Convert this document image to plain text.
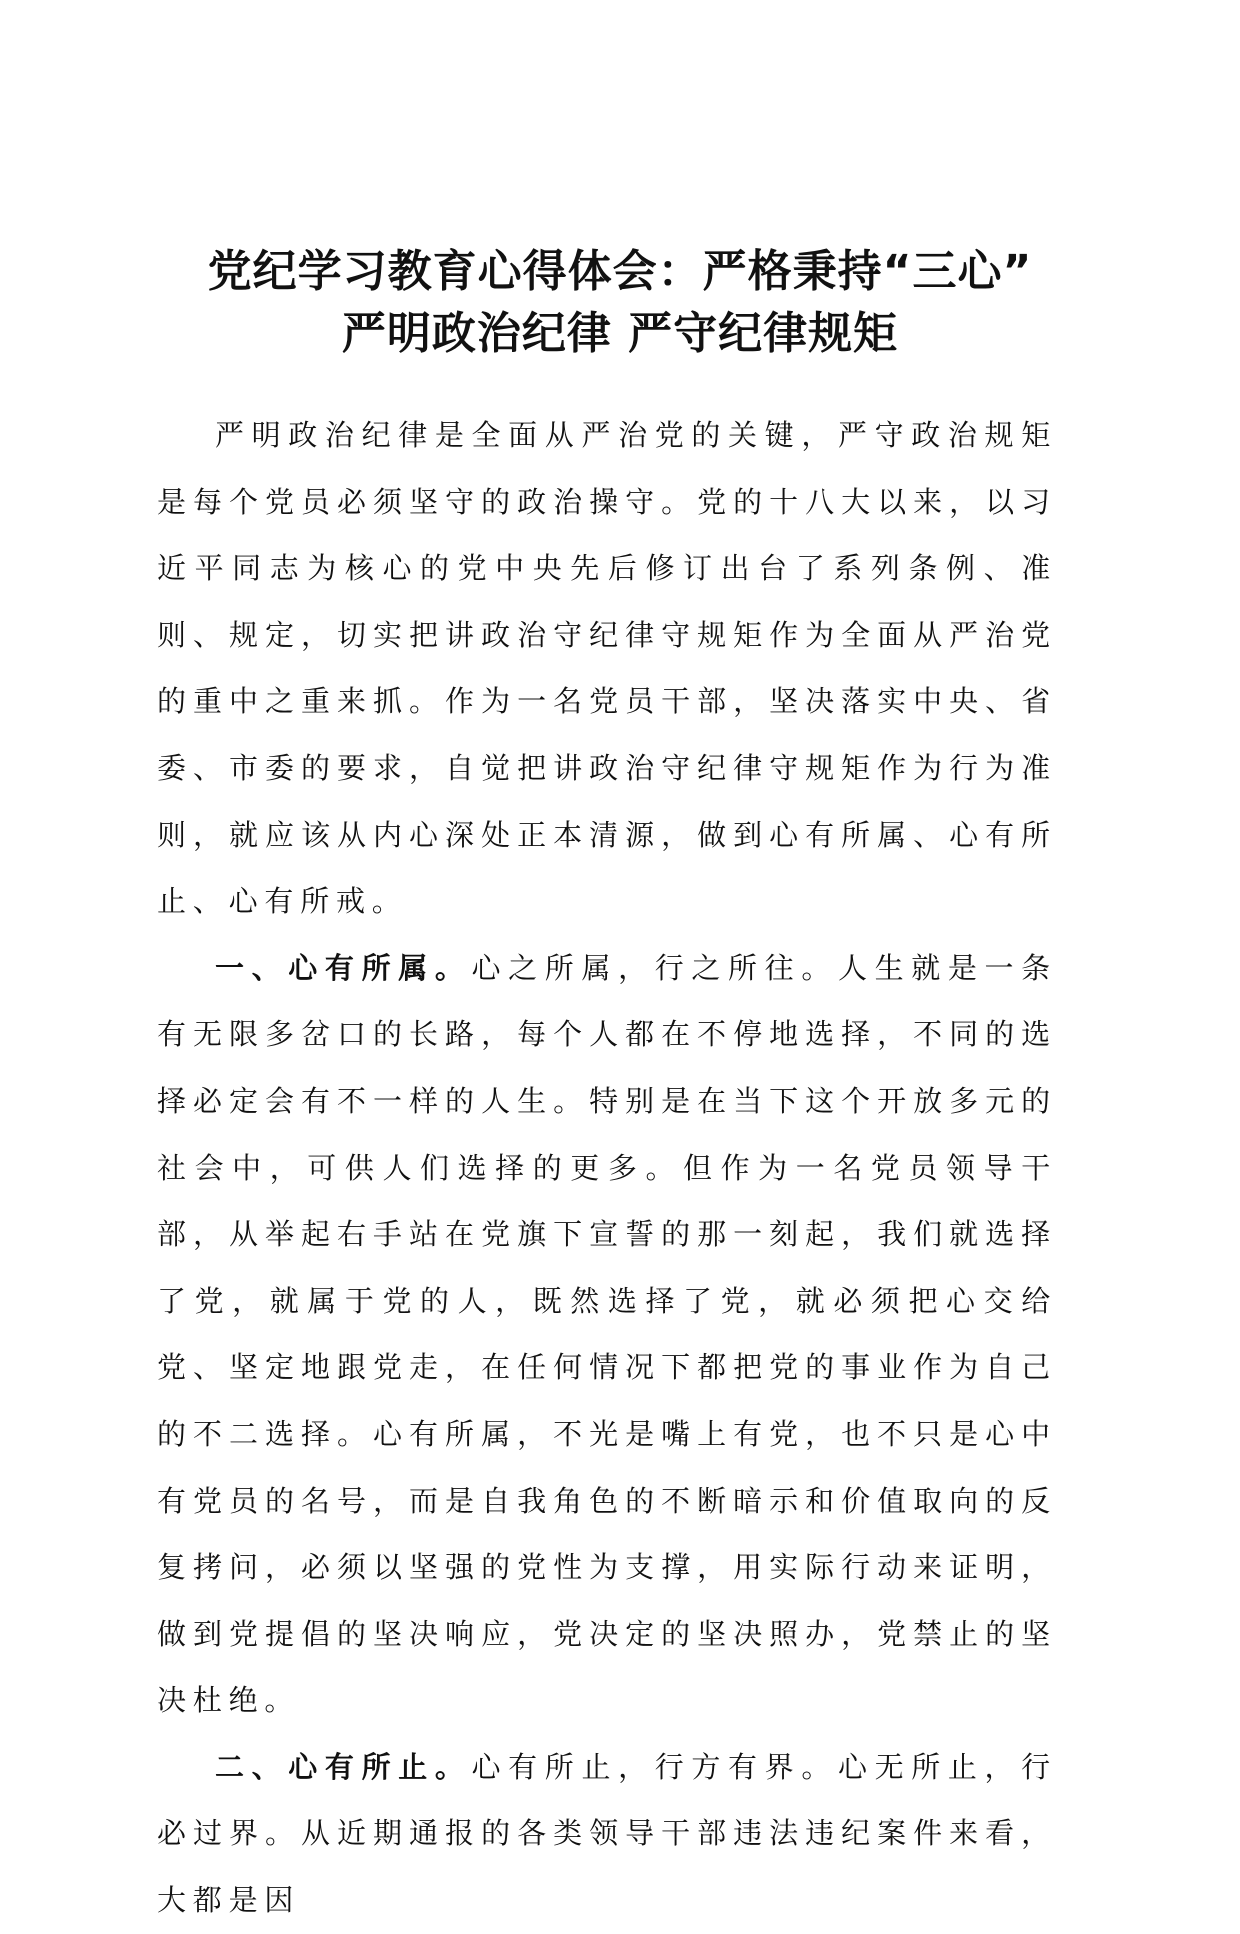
党纪学习教育心得体会：严格秉持“三心”
严明政治纪律 严守纪律规矩

严明政治纪律是全面从严治党的关键，严守政治规矩是每个党员必须坚守的政治操守。党的十八大以来，以习近平同志为核心的党中央先后修订出台了系列条例、准则、规定，切实把讲政治守纪律守规矩作为全面从严治党的重中之重来抓。作为一名党员干部，坚决落实中央、省委、市委的要求，自觉把讲政治守纪律守规矩作为行为准则，就应该从内心深处正本清源，做到心有所属、心有所止、心有所戒。

一、心有所属。心之所属，行之所往。人生就是一条有无限多岔口的长路，每个人都在不停地选择，不同的选择必定会有不一样的人生。特别是在当下这个开放多元的社会中，可供人们选择的更多。但作为一名党员领导干部，从举起右手站在党旗下宣誓的那一刻起，我们就选择了党，就属于党的人，既然选择了党，就必须把心交给党、坚定地跟党走，在任何情况下都把党的事业作为自己的不二选择。心有所属，不光是嘴上有党，也不只是心中有党员的名号，而是自我角色的不断暗示和价值取向的反复拷问，必须以坚强的党性为支撑，用实际行动来证明，做到党提倡的坚决响应，党决定的坚决照办，党禁止的坚决杜绝。

二、心有所止。心有所止，行方有界。心无所止，行必过界。从近期通报的各类领导干部违法违纪案件来看，大都是因
